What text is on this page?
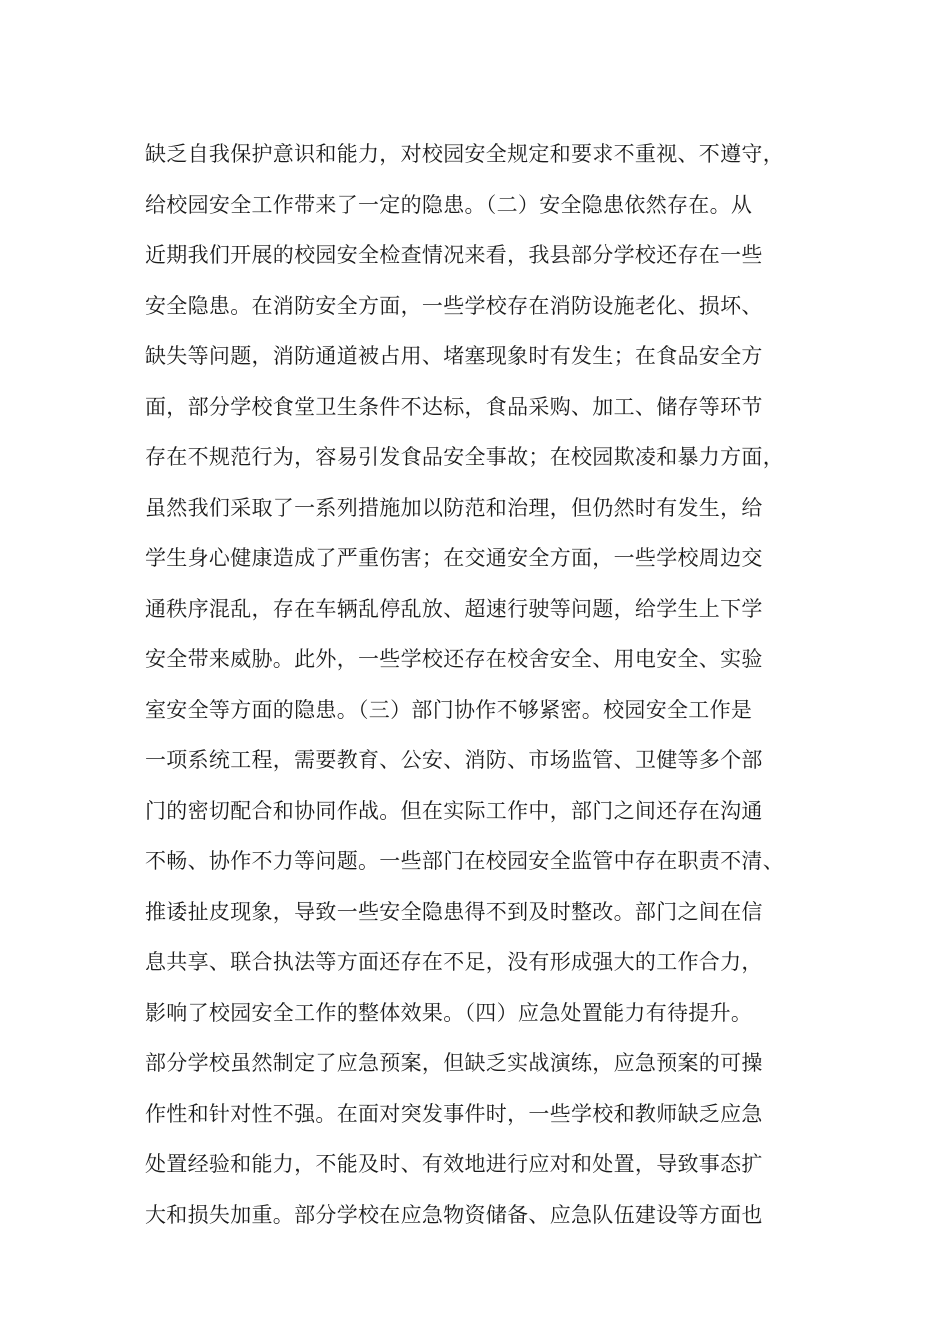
缺乏自我保护意识和能力，对校园安全规定和要求不重视、不遵守，
给校园安全工作带来了一定的隐患。（二）安全隐患依然存在。从
近期我们开展的校园安全检查情况来看，我县部分学校还存在一些
安全隐患。在消防安全方面，一些学校存在消防设施老化、损坏、
缺失等问题，消防通道被占用、堵塞现象时有发生；在食品安全方
面，部分学校食堂卫生条件不达标，食品采购、加工、储存等环节
存在不规范行为，容易引发食品安全事故；在校园欺凌和暴力方面，
虽然我们采取了一系列措施加以防范和治理，但仍然时有发生，给
学生身心健康造成了严重伤害；在交通安全方面，一些学校周边交
通秩序混乱，存在车辆乱停乱放、超速行驶等问题，给学生上下学
安全带来威胁。此外，一些学校还存在校舍安全、用电安全、实验
室安全等方面的隐患。（三）部门协作不够紧密。校园安全工作是
一项系统工程，需要教育、公安、消防、市场监管、卫健等多个部
门的密切配合和协同作战。但在实际工作中，部门之间还存在沟通
不畅、协作不力等问题。一些部门在校园安全监管中存在职责不清、
推诿扯皮现象，导致一些安全隐患得不到及时整改。部门之间在信
息共享、联合执法等方面还存在不足，没有形成强大的工作合力，
影响了校园安全工作的整体效果。（四）应急处置能力有待提升。
部分学校虽然制定了应急预案，但缺乏实战演练，应急预案的可操
作性和针对性不强。在面对突发事件时，一些学校和教师缺乏应急
处置经验和能力，不能及时、有效地进行应对和处置，导致事态扩
大和损失加重。部分学校在应急物资储备、应急队伍建设等方面也
